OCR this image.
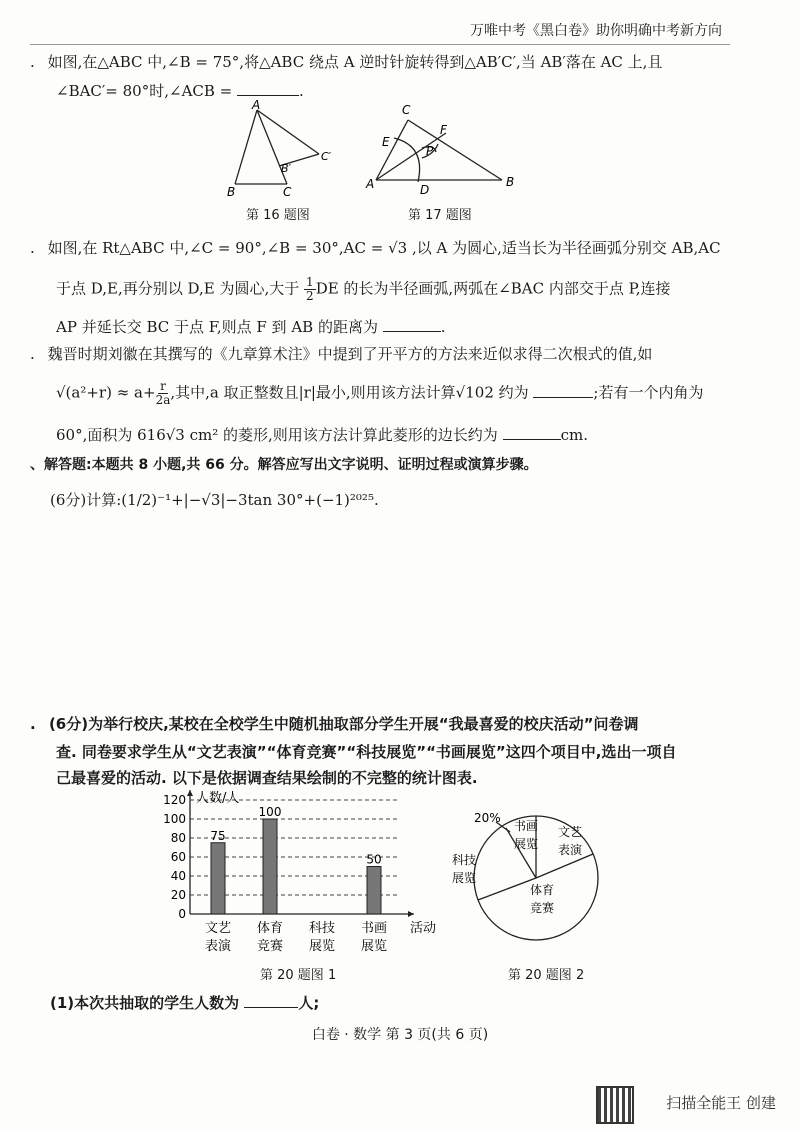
万唯中考《黑白卷》助你明确中考新方向
. 如图,在△ABC 中,∠B = 75°,将△ABC 绕点 A 逆时针旋转得到△AB′C′,当 AB′落在 AC 上,且
∠BAC′= 80°时,∠ACB =	.
A
B	C
B′
C′
第 16 题图
C
E
F
P
A	D
B
第 17 题图
. 如图,在 Rt△ABC 中,∠C = 90°,∠B = 30°,AC = √3 ,以 A 为圆心,适当长为半径画弧分别交 AB,AC
于点 D,E,再分别以 D,E 为圆心,大于 $\frac{1}{2}$ DE 的长为半径画弧,两弧在∠BAC 内部交于点 P,连接
AP 并延长交 BC 于点 F,则点 F 到 AB 的距离为	.
. 魏晋时期刘徽在其撰写的《九章算术注》中提到了开平方的方法来近似求得二次根式的值,如
$√(a^2+r) \approx a+ \frac{r}{2a}$ ,其中,a 取正整数且|r|最小,则用该方法计算√102 约为	;若有一个内角为
60°,面积为 616√3 cm² 的菱形,则用该方法计算此菱形的边长约为	cm.
、解答题:本题共 8 小题,共 66 分。解答应写出文字说明、证明过程或演算步骤。
(6分)计算:(1/2)⁻¹+|−√3|−3tan 30°+(−1)²⁰²⁵.
. (6分)为举行校庆,某校在全校学生中随机抽取部分学生开展“我最喜爱的校庆活动”问卷调
查. 同卷要求学生从“文艺表演”“体育竞赛”“科技展览”“书画展览”这四个项目中,选出一项自
己最喜爱的活动. 以下是依据调查结果绘制的不完整的统计图表.
0
20
40
60
80
100
120 人数/人
活动
75
文艺
表演
100
体育
竞赛
科技
展览
50
书画
展览
第 20 题图 1
20%
书画
展览
文艺
表演
科技
展览
体育
竞赛
第 20 题图 2
(1)本次共抽取的学生人数为	人;
白卷 · 数学 第 3 页(共 6 页)
扫描全能王 创建
